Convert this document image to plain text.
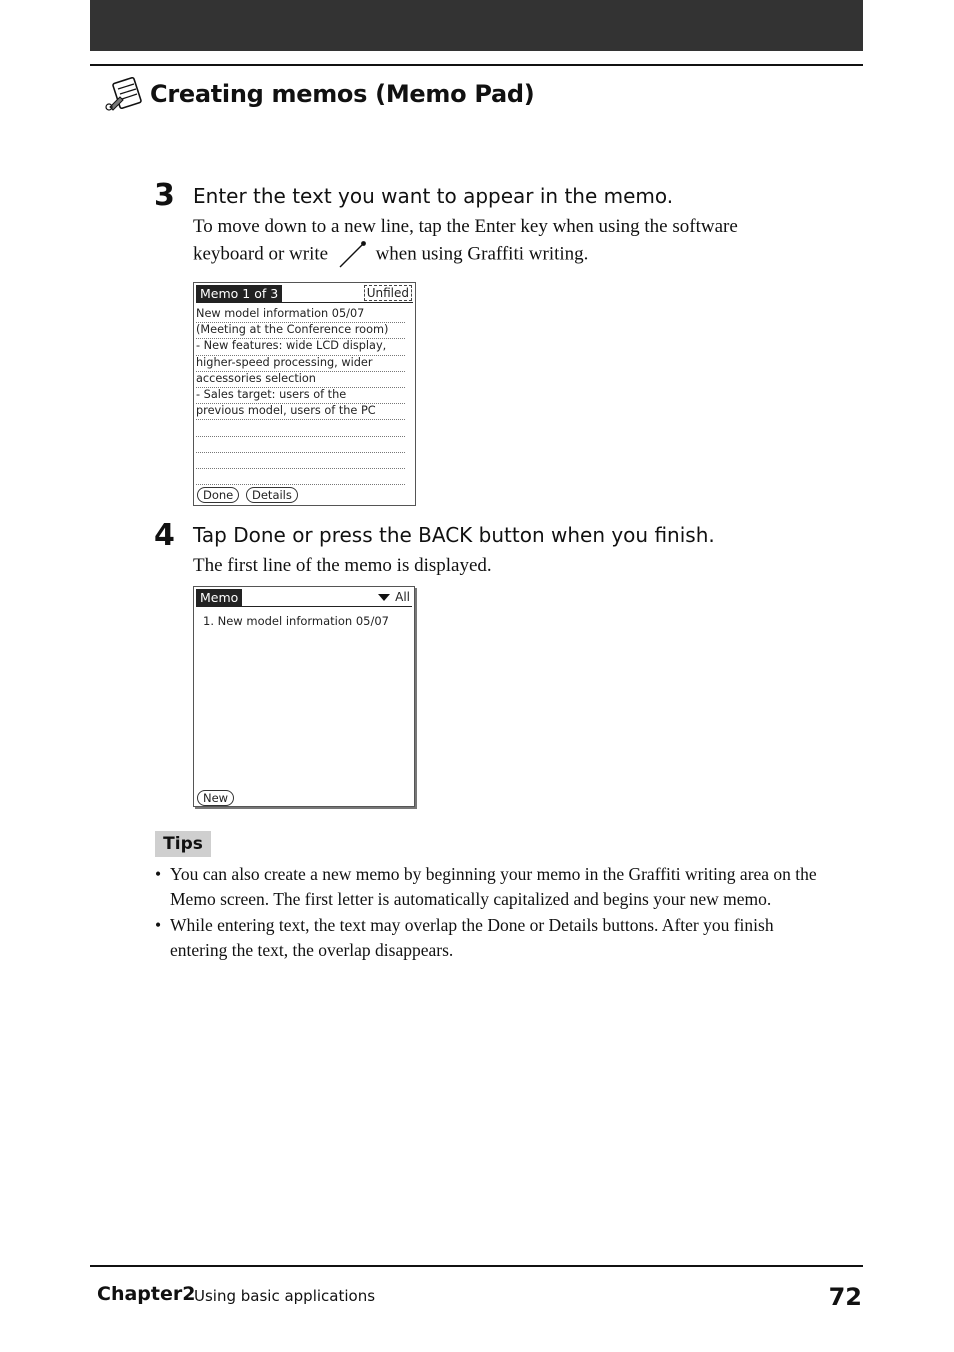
Creating memos (Memo Pad)
3 Enter the text you want to appear in the memo.
To move down to a new line, tap the Enter key when using the software
keyboard or write	when using Graffiti writing.
Memo 1 of 3	Unfiled
New model information 05/07
(Meeting at the Conference room)
- New features: wide LCD display,
higher-speed processing, wider
accessories selection
- Sales target: users of the
previous model, users of the PC
Done	Details
4 Tap Done or press the BACK button when you finish.
The first line of the memo is displayed.
Memo	All
1. New model information 05/07
New
Tips
• You can also create a new memo by beginning your memo in the Graffiti writing area on the Memo screen. The first letter is automatically capitalized and begins your new memo.
• While entering text, the text may overlap the Done or Details buttons. After you finish entering the text, the overlap disappears.
Chapter2
Using basic applications	72
